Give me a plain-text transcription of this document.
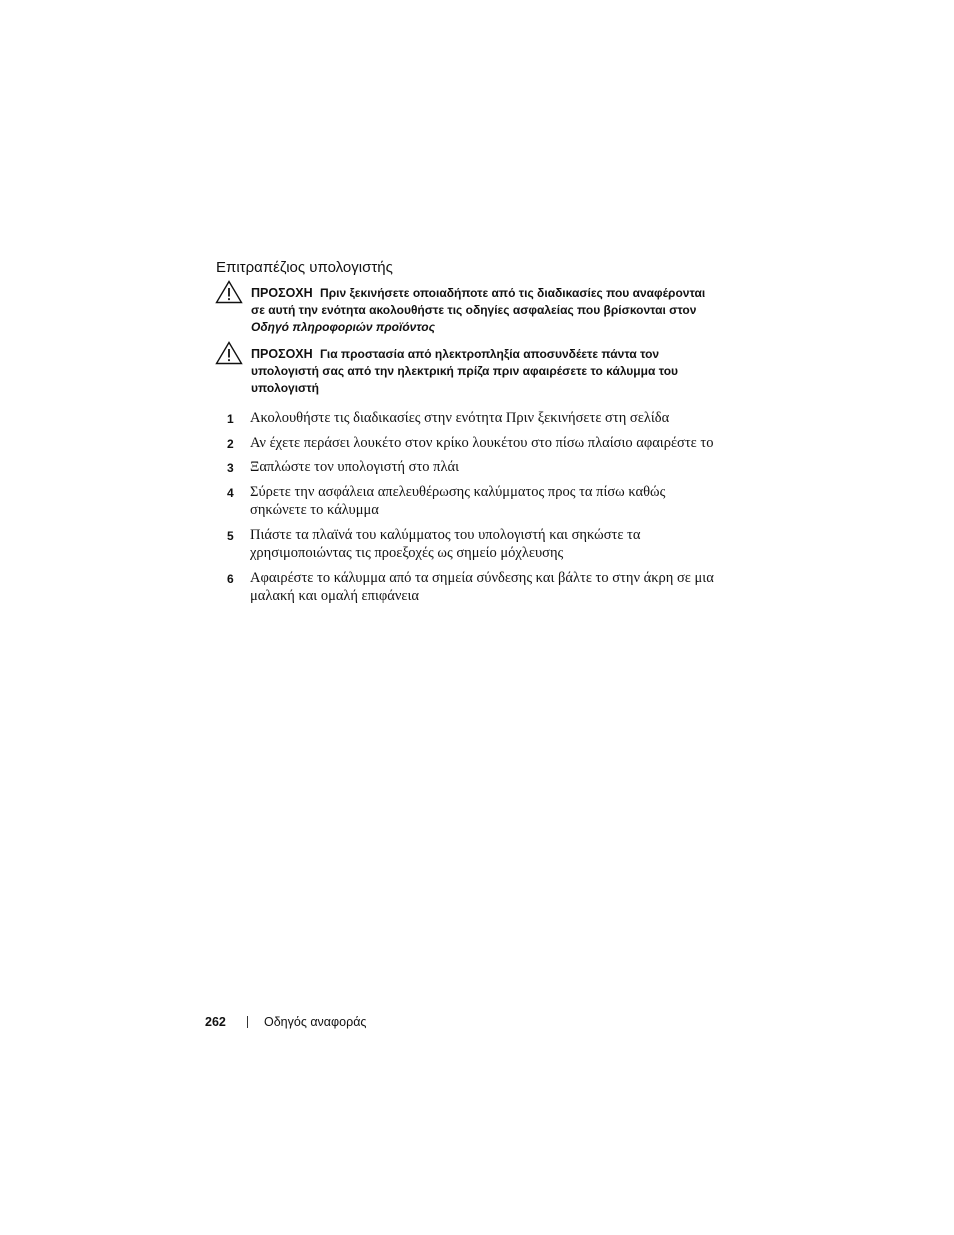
Επιτραπέζιος υπολογιστής
ΠΡΟΣΟΧΗ Πριν ξεκινήσετε οποιαδήποτε από τις διαδικασίες που αναφέρονται σε αυτή την ενότητα ακολουθήστε τις οδηγίες ασφαλείας που βρίσκονται στον Οδηγό πληροφοριών προϊόντος
ΠΡΟΣΟΧΗ Για προστασία από ηλεκτροπληξία αποσυνδέετε πάντα τον υπολογιστή σας από την ηλεκτρική πρίζα πριν αφαιρέσετε το κάλυμμα του υπολογιστή
1 Ακολουθήστε τις διαδικασίες στην ενότητα Πριν ξεκινήσετε στη σελίδα
2 Αν έχετε περάσει λουκέτο στον κρίκο λουκέτου στο πίσω πλαίσιο αφαιρέστε το
3 Ξαπλώστε τον υπολογιστή στο πλάι
4 Σύρετε την ασφάλεια απελευθέρωσης καλύμματος προς τα πίσω καθώς σηκώνετε το κάλυμμα
5 Πιάστε τα πλαϊνά του καλύμματος του υπολογιστή και σηκώστε τα χρησιμοποιώντας τις προεξοχές ως σημείο μόχλευσης
6 Αφαιρέστε το κάλυμμα από τα σημεία σύνδεσης και βάλτε το στην άκρη σε μια μαλακή και ομαλή επιφάνεια
262	Οδηγός αναφοράς
